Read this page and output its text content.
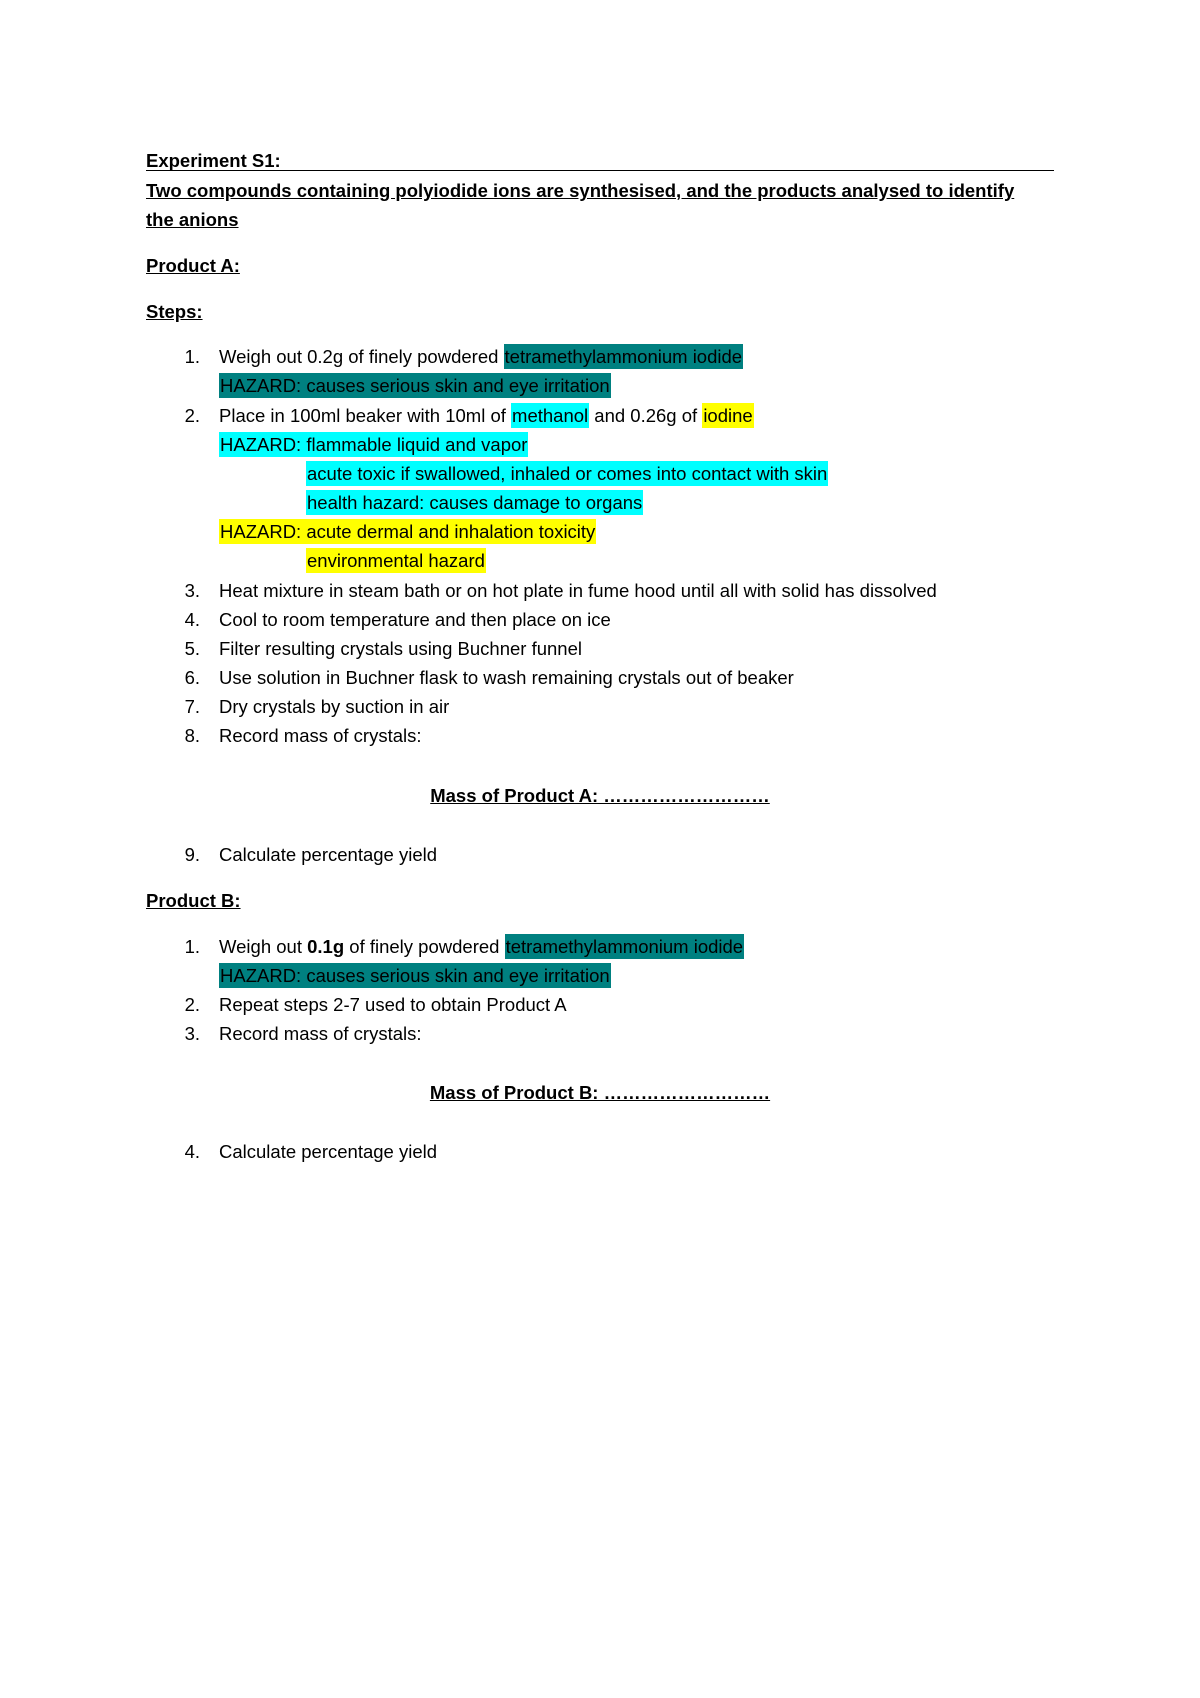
Experiment S1:
Two compounds containing polyiodide ions are synthesised, and the products analysed to identify
the anions
Product A:
Steps:
1. Weigh out 0.2g of finely powdered tetramethylammonium iodide
HAZARD: causes serious skin and eye irritation
2. Place in 100ml beaker with 10ml of methanol and 0.26g of iodine
HAZARD: flammable liquid and vapor
acute toxic if swallowed, inhaled or comes into contact with skin
health hazard: causes damage to organs
HAZARD: acute dermal and inhalation toxicity
environmental hazard
3. Heat mixture in steam bath or on hot plate in fume hood until all with solid has dissolved
4. Cool to room temperature and then place on ice
5. Filter resulting crystals using Buchner funnel
6. Use solution in Buchner flask to wash remaining crystals out of beaker
7. Dry crystals by suction in air
8. Record mass of crystals:
Mass of Product A: ………………………
9. Calculate percentage yield
Product B:
1. Weigh out 0.1g of finely powdered tetramethylammonium iodide
HAZARD: causes serious skin and eye irritation
2. Repeat steps 2-7 used to obtain Product A
3. Record mass of crystals:
Mass of Product B: ………………………
4. Calculate percentage yield
